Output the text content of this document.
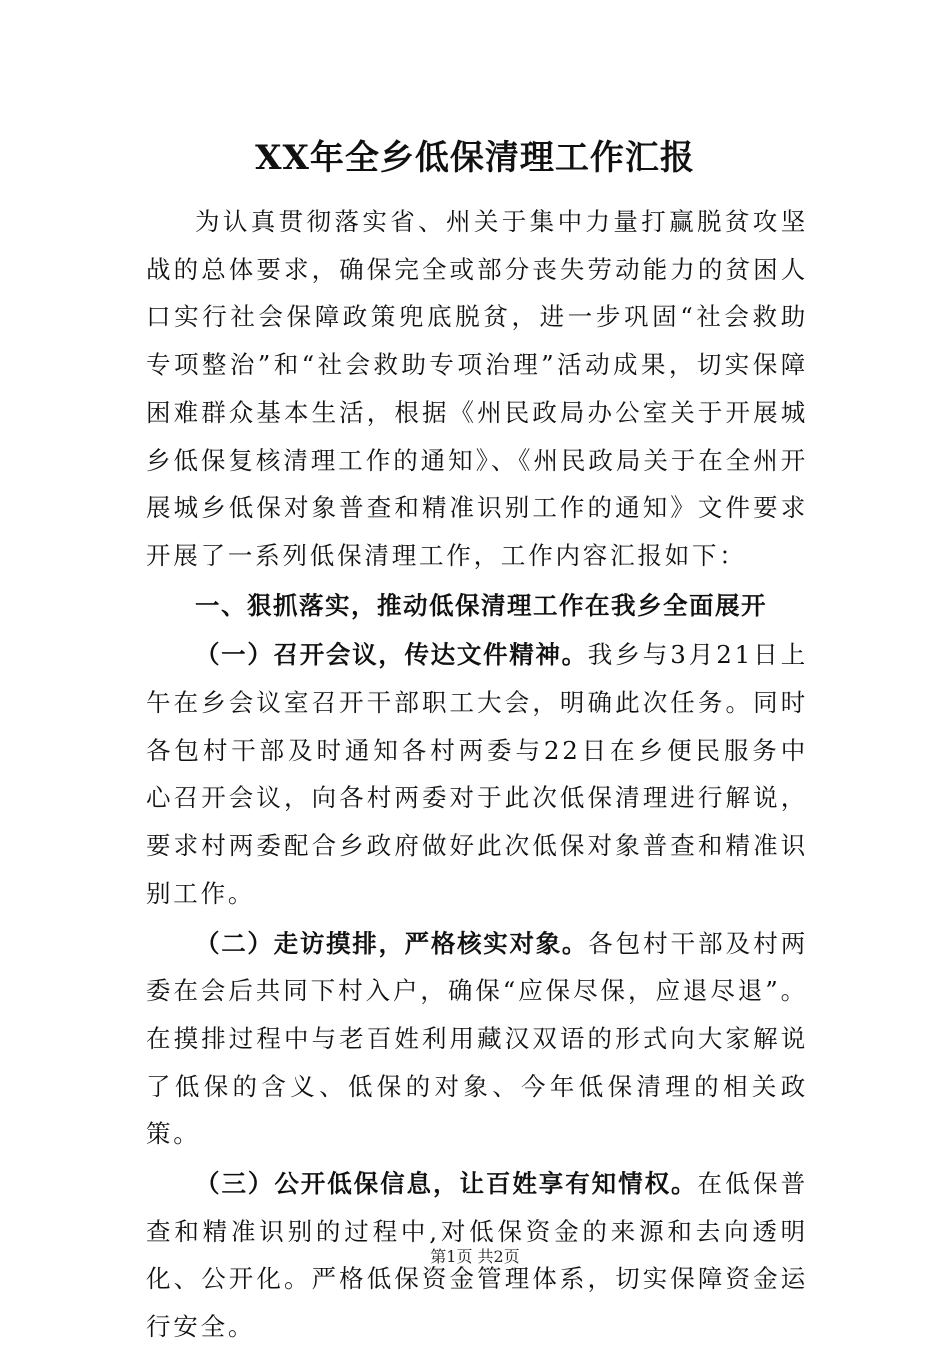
XX年全乡低保清理工作汇报

为认真贯彻落实省、州关于集中力量打赢脱贫攻坚战的总体要求，确保完全或部分丧失劳动能力的贫困人口实行社会保障政策兜底脱贫，进一步巩固“社会救助专项整治”和“社会救助专项治理”活动成果，切实保障困难群众基本生活，根据《州民政局办公室关于开展城乡低保复核清理工作的通知》、《州民政局关于在全州开展城乡低保对象普查和精准识别工作的通知》文件要求开展了一系列低保清理工作，工作内容汇报如下：

一、狠抓落实，推动低保清理工作在我乡全面展开

（一）召开会议，传达文件精神。我乡与3月21日上午在乡会议室召开干部职工大会，明确此次任务。同时各包村干部及时通知各村两委与22日在乡便民服务中心召开会议，向各村两委对于此次低保清理进行解说，要求村两委配合乡政府做好此次低保对象普查和精准识别工作。

（二）走访摸排，严格核实对象。各包村干部及村两委在会后共同下村入户，确保“应保尽保，应退尽退”。在摸排过程中与老百姓利用藏汉双语的形式向大家解说了低保的含义、低保的对象、今年低保清理的相关政策。

（三）公开低保信息，让百姓享有知情权。在低保普查和精准识别的过程中,对低保资金的来源和去向透明化、公开化。严格低保资金管理体系，切实保障资金运行安全。

第1页 共2页
